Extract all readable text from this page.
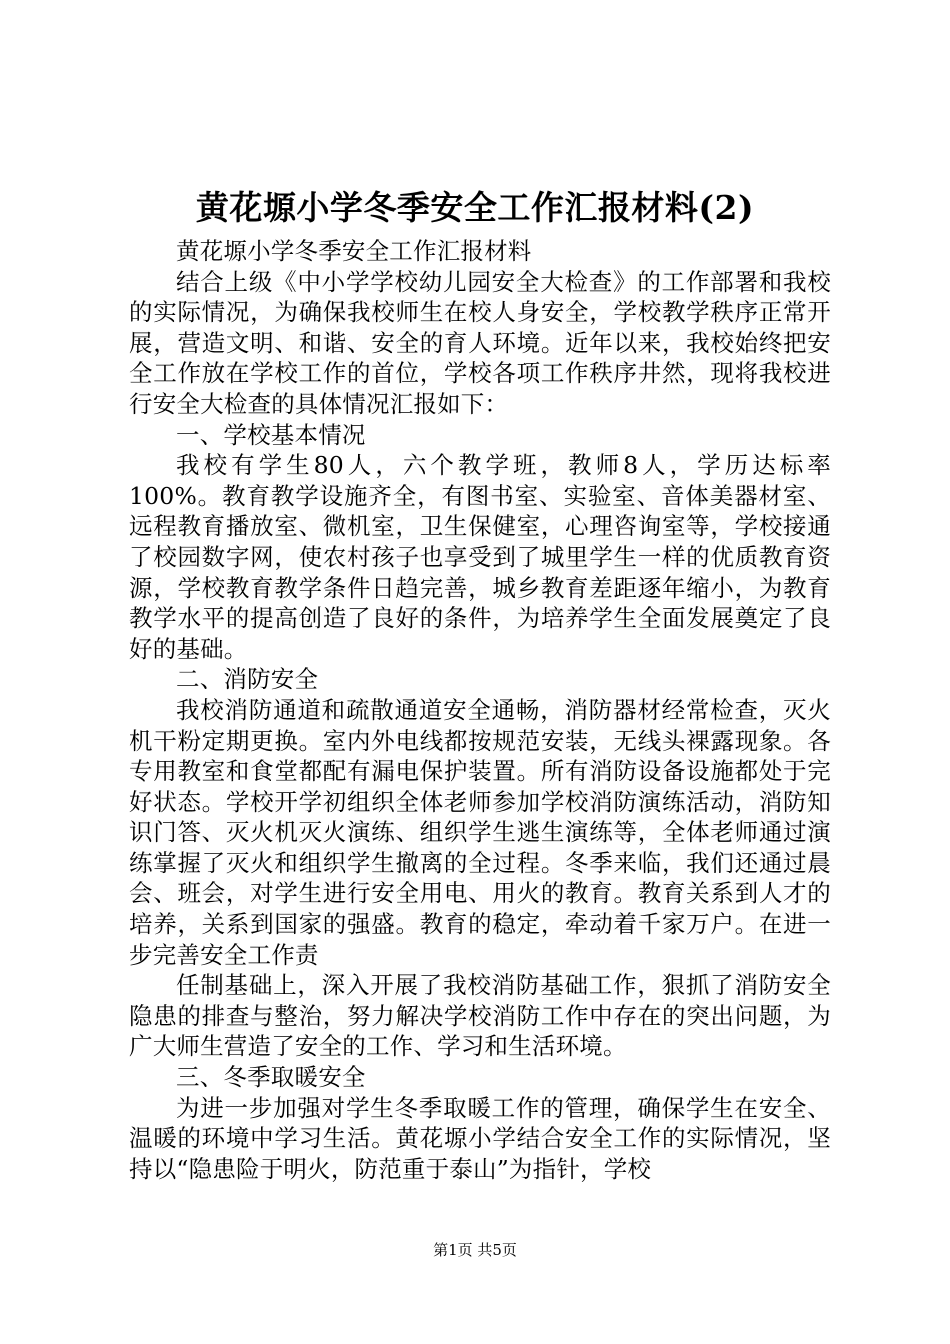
黄花塬小学冬季安全工作汇报材料(2)

黄花塬小学冬季安全工作汇报材料

结合上级《中小学学校幼儿园安全大检查》的工作部署和我校的实际情况，为确保我校师生在校人身安全，学校教学秩序正常开展，营造文明、和谐、安全的育人环境。近年以来，我校始终把安全工作放在学校工作的首位，学校各项工作秩序井然，现将我校进行安全大检查的具体情况汇报如下：

一、学校基本情况

我校有学生80人，六个教学班，教师8人，学历达标率100%。教育教学设施齐全，有图书室、实验室、音体美器材室、远程教育播放室、微机室，卫生保健室，心理咨询室等，学校接通了校园数字网，使农村孩子也享受到了城里学生一样的优质教育资源，学校教育教学条件日趋完善，城乡教育差距逐年缩小，为教育教学水平的提高创造了良好的条件，为培养学生全面发展奠定了良好的基础。

二、消防安全

我校消防通道和疏散通道安全通畅，消防器材经常检查，灭火机干粉定期更换。室内外电线都按规范安装，无线头裸露现象。各专用教室和食堂都配有漏电保护装置。所有消防设备设施都处于完好状态。学校开学初组织全体老师参加学校消防演练活动，消防知识门答、灭火机灭火演练、组织学生逃生演练等，全体老师通过演练掌握了灭火和组织学生撤离的全过程。冬季来临，我们还通过晨会、班会，对学生进行安全用电、用火的教育。教育关系到人才的培养，关系到国家的强盛。教育的稳定，牵动着千家万户。在进一步完善安全工作责

任制基础上，深入开展了我校消防基础工作，狠抓了消防安全隐患的排查与整治，努力解决学校消防工作中存在的突出问题，为广大师生营造了安全的工作、学习和生活环境。

三、冬季取暖安全

为进一步加强对学生冬季取暖工作的管理，确保学生在安全、温暖的环境中学习生活。黄花塬小学结合安全工作的实际情况，坚持以“隐患险于明火，防范重于泰山”为指针，学校

第1页 共5页
